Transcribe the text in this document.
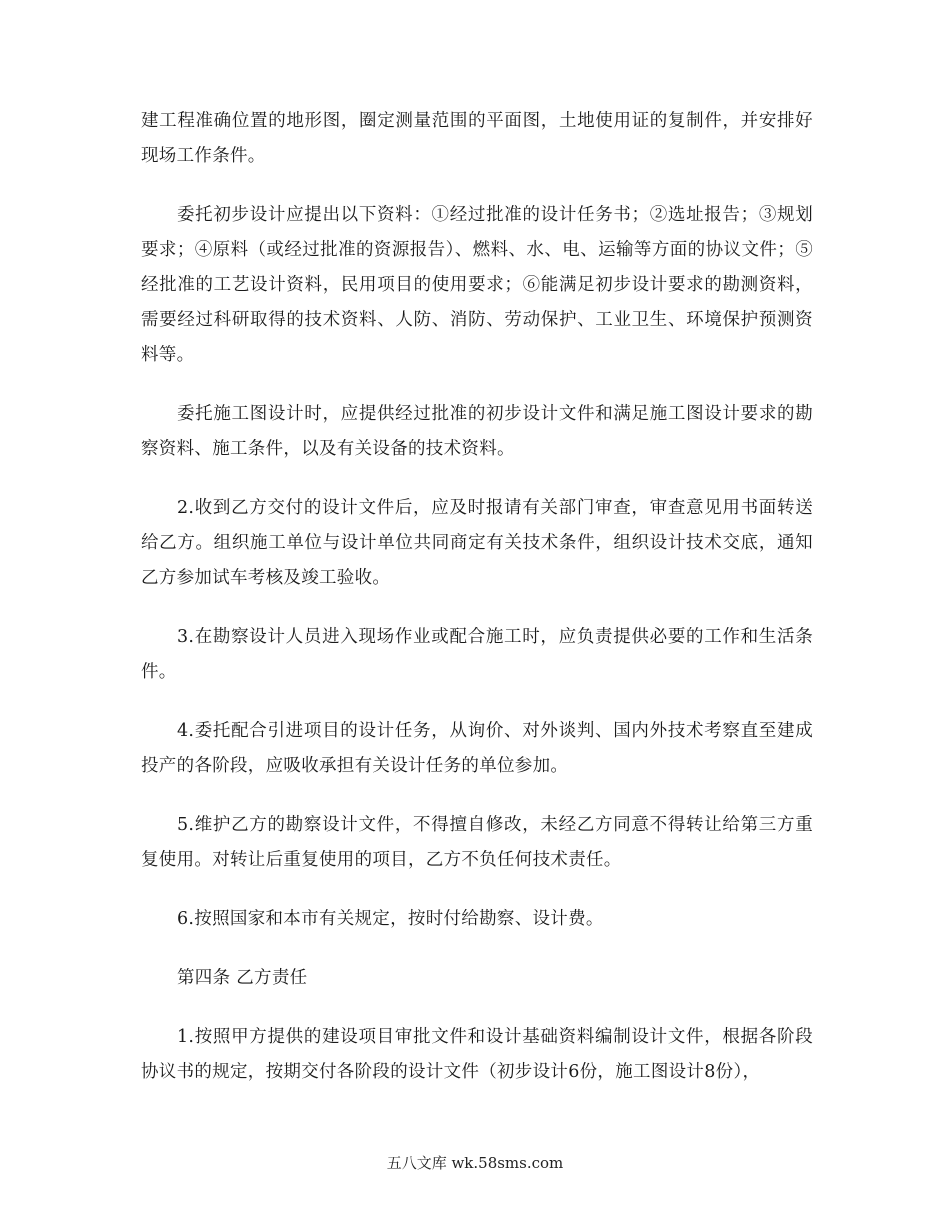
建工程准确位置的地形图，圈定测量范围的平面图，土地使用证的复制件，并安排好现场工作条件。

委托初步设计应提出以下资料：①经过批准的设计任务书；②选址报告；③规划要求；④原料（或经过批准的资源报告）、燃料、水、电、运输等方面的协议文件；⑤经批准的工艺设计资料，民用项目的使用要求；⑥能满足初步设计要求的勘测资料，需要经过科研取得的技术资料、人防、消防、劳动保护、工业卫生、环境保护预测资料等。

委托施工图设计时，应提供经过批准的初步设计文件和满足施工图设计要求的勘察资料、施工条件，以及有关设备的技术资料。

2.收到乙方交付的设计文件后，应及时报请有关部门审查，审查意见用书面转送给乙方。组织施工单位与设计单位共同商定有关技术条件，组织设计技术交底，通知乙方参加试车考核及竣工验收。

3.在勘察设计人员进入现场作业或配合施工时，应负责提供必要的工作和生活条件。

4.委托配合引进项目的设计任务，从询价、对外谈判、国内外技术考察直至建成投产的各阶段，应吸收承担有关设计任务的单位参加。

5.维护乙方的勘察设计文件，不得擅自修改，未经乙方同意不得转让给第三方重复使用。对转让后重复使用的项目，乙方不负任何技术责任。

6.按照国家和本市有关规定，按时付给勘察、设计费。

第四条 乙方责任

1.按照甲方提供的建设项目审批文件和设计基础资料编制设计文件，根据各阶段协议书的规定，按期交付各阶段的设计文件（初步设计6份，施工图设计8份），

五八文库 wk.58sms.com
